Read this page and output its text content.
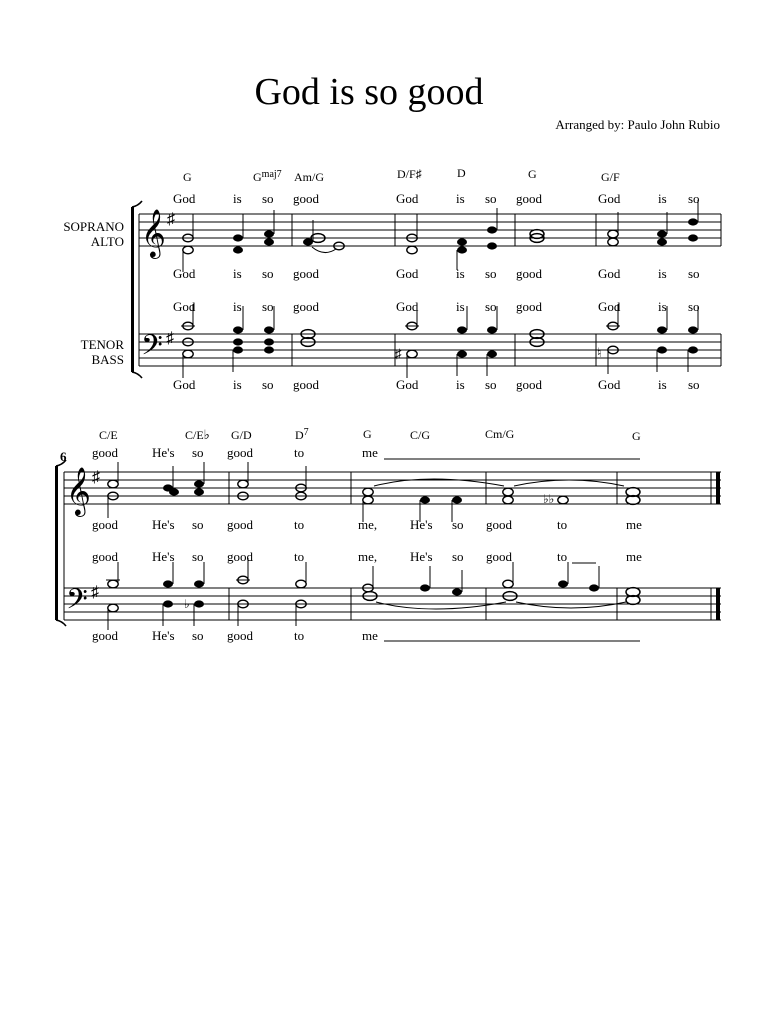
God is so good
Arranged by: Paulo John Rubio
G	$G^{maj7}$ Am/G	D/F♯	D	G	G/F
God	is so good	God	is so good	God	is so
SOPRANO
ALTO
TENOR
BASS
𝄞 ♯
𝄢 ♯
God	is so good	God	is so good	God	is so
God	is so good	God	is so good	God	is so
♯	♮
God	is so good	God	is so good	God	is so
6
C/E	C/E♭ G/D	$D^7$	G	C/G	Cm/G	G
good	He's so good	to	me
𝄞 ♯
𝄢 ♯
♭♭
good	He's so good	to	me,	He's so good	to	me
good	He's so good	to	me,	He's so good	to	me
♭
good	He's so good	to	me
